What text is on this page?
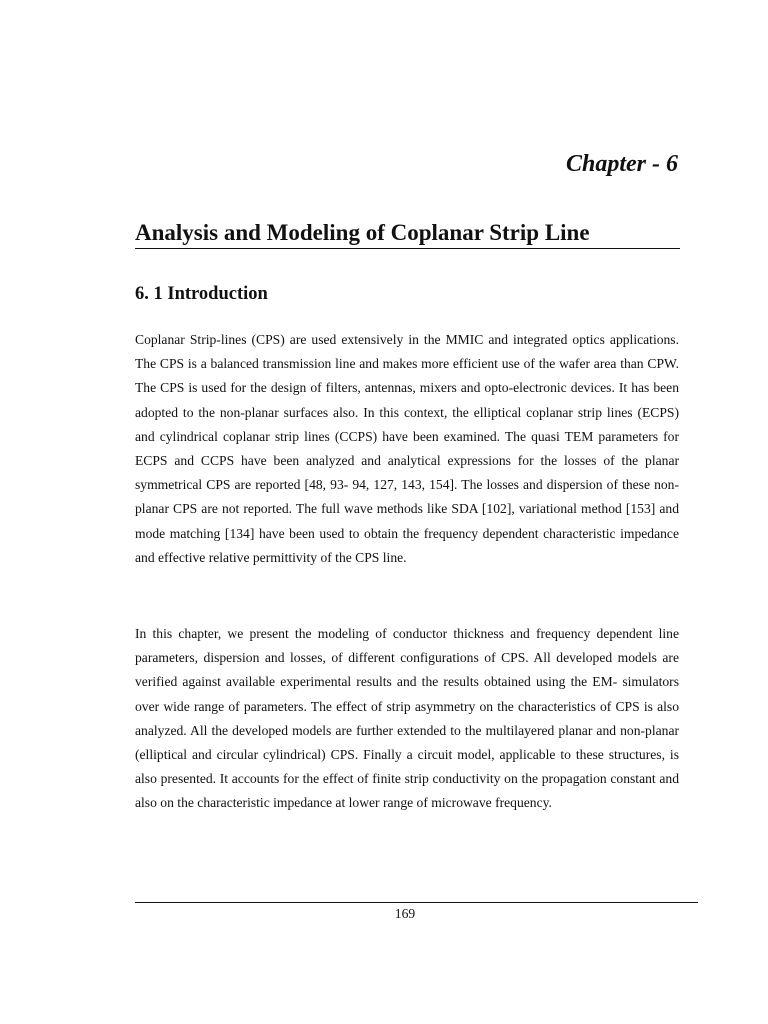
Chapter - 6
Analysis and Modeling of Coplanar Strip Line
6. 1 Introduction

Coplanar Strip-lines (CPS) are used extensively in the MMIC and integrated optics applications. The CPS is a balanced transmission line and makes more efficient use of the wafer area than CPW. The CPS is used for the design of filters, antennas, mixers and opto-electronic devices. It has been adopted to the non-planar surfaces also. In this context, the elliptical coplanar strip lines (ECPS) and cylindrical coplanar strip lines (CCPS) have been examined. The quasi TEM parameters for ECPS and CCPS have been analyzed and analytical expressions for the losses of the planar symmetrical CPS are reported [48, 93- 94, 127, 143, 154]. The losses and dispersion of these non-planar CPS are not reported. The full wave methods like SDA [102], variational method [153] and mode matching [134] have been used to obtain the frequency dependent characteristic impedance and effective relative permittivity of the CPS line.

In this chapter, we present the modeling of conductor thickness and frequency dependent line parameters, dispersion and losses, of different configurations of CPS. All developed models are verified against available experimental results and the results obtained using the EM- simulators over wide range of parameters. The effect of strip asymmetry on the characteristics of CPS is also analyzed. All the developed models are further extended to the multilayered planar and non-planar (elliptical and circular cylindrical) CPS. Finally a circuit model, applicable to these structures, is also presented. It accounts for the effect of finite strip conductivity on the propagation constant and also on the characteristic impedance at lower range of microwave frequency.

169
